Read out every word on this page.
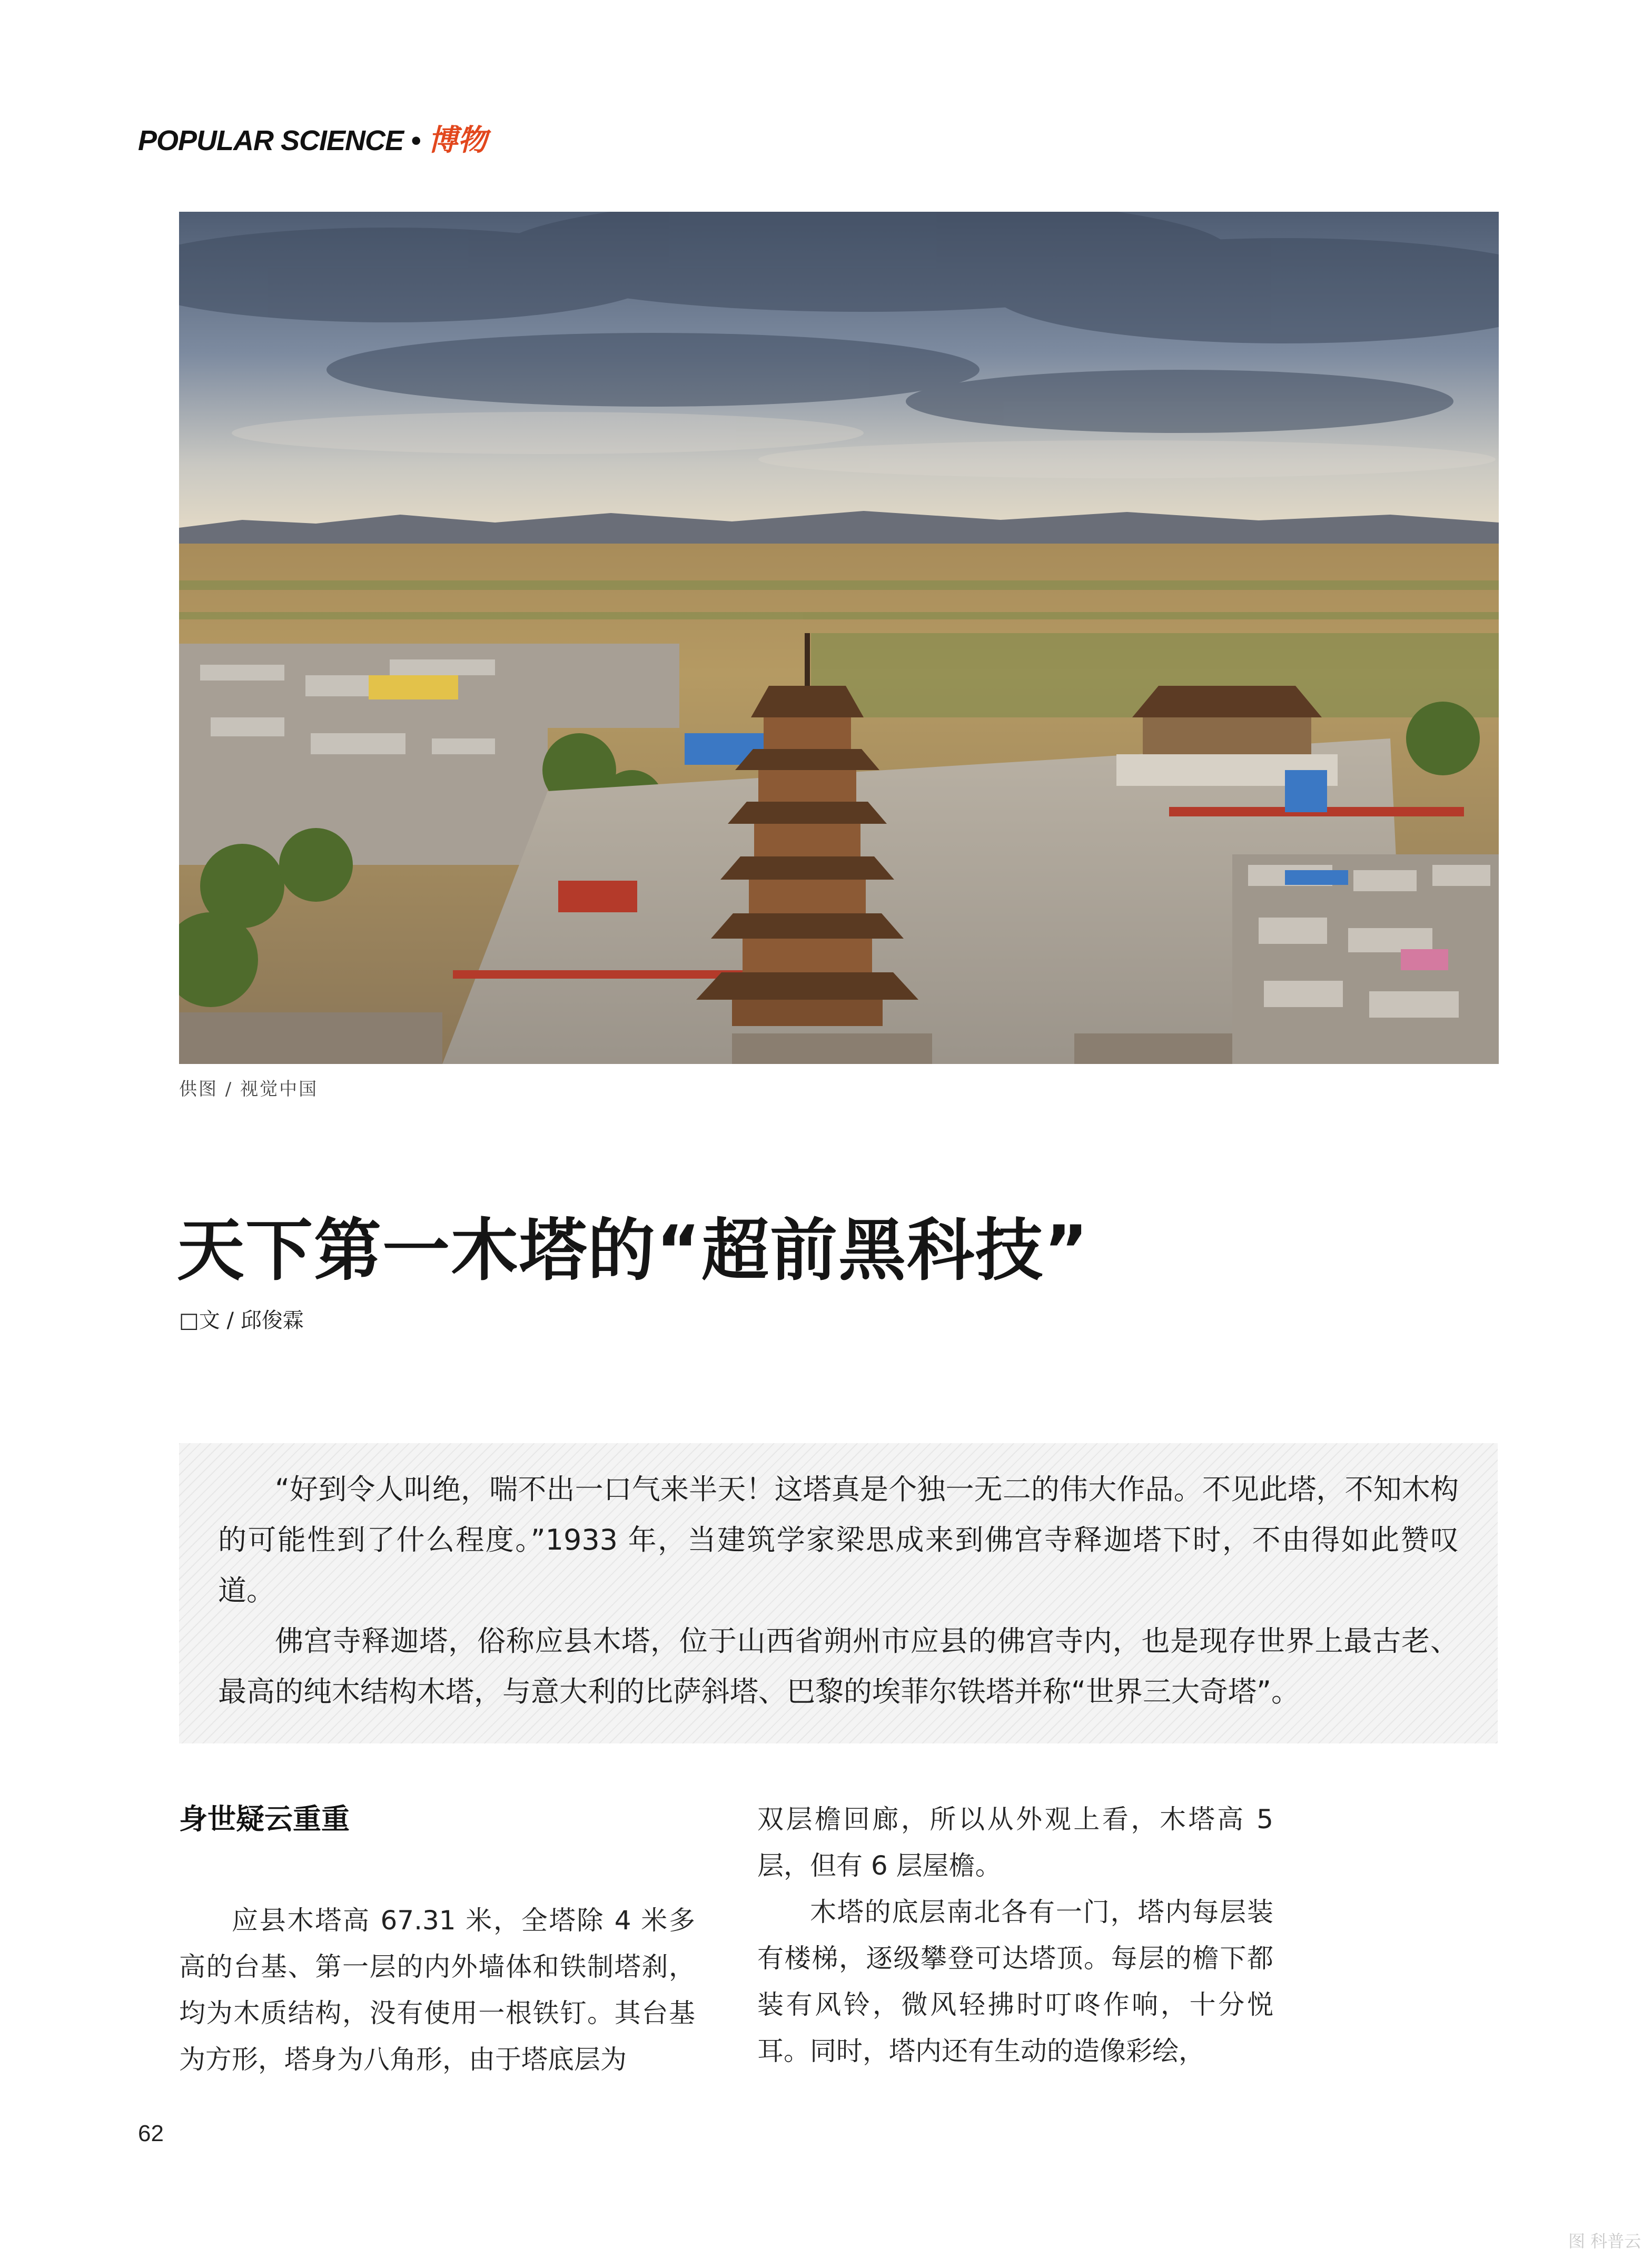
POPULAR SCIENCE • 博物
供图 / 视觉中国
天下第一木塔的“超前黑科技”
□文 / 邱俊霖

“好到令人叫绝，喘不出一口气来半天！这塔真是个独一无二的伟大作品。不见此塔，不知木构的可能性到了什么程度。”1933 年，当建筑学家梁思成来到佛宫寺释迦塔下时，不由得如此赞叹道。

佛宫寺释迦塔，俗称应县木塔，位于山西省朔州市应县的佛宫寺内，也是现存世界上最古老、最高的纯木结构木塔，与意大利的比萨斜塔、巴黎的埃菲尔铁塔并称“世界三大奇塔”。

身世疑云重重

应县木塔高 67.31 米，全塔除 4 米多高的台基、第一层的内外墙体和铁制塔刹，均为木质结构，没有使用一根铁钉。其台基为方形，塔身为八角形，由于塔底层为

双层檐回廊，所以从外观上看，木塔高 5 层，但有 6 层屋檐。

木塔的底层南北各有一门，塔内每层装有楼梯，逐级攀登可达塔顶。每层的檐下都装有风铃，微风轻拂时叮咚作响，十分悦耳。同时，塔内还有生动的造像彩绘，

62
图 科普云
